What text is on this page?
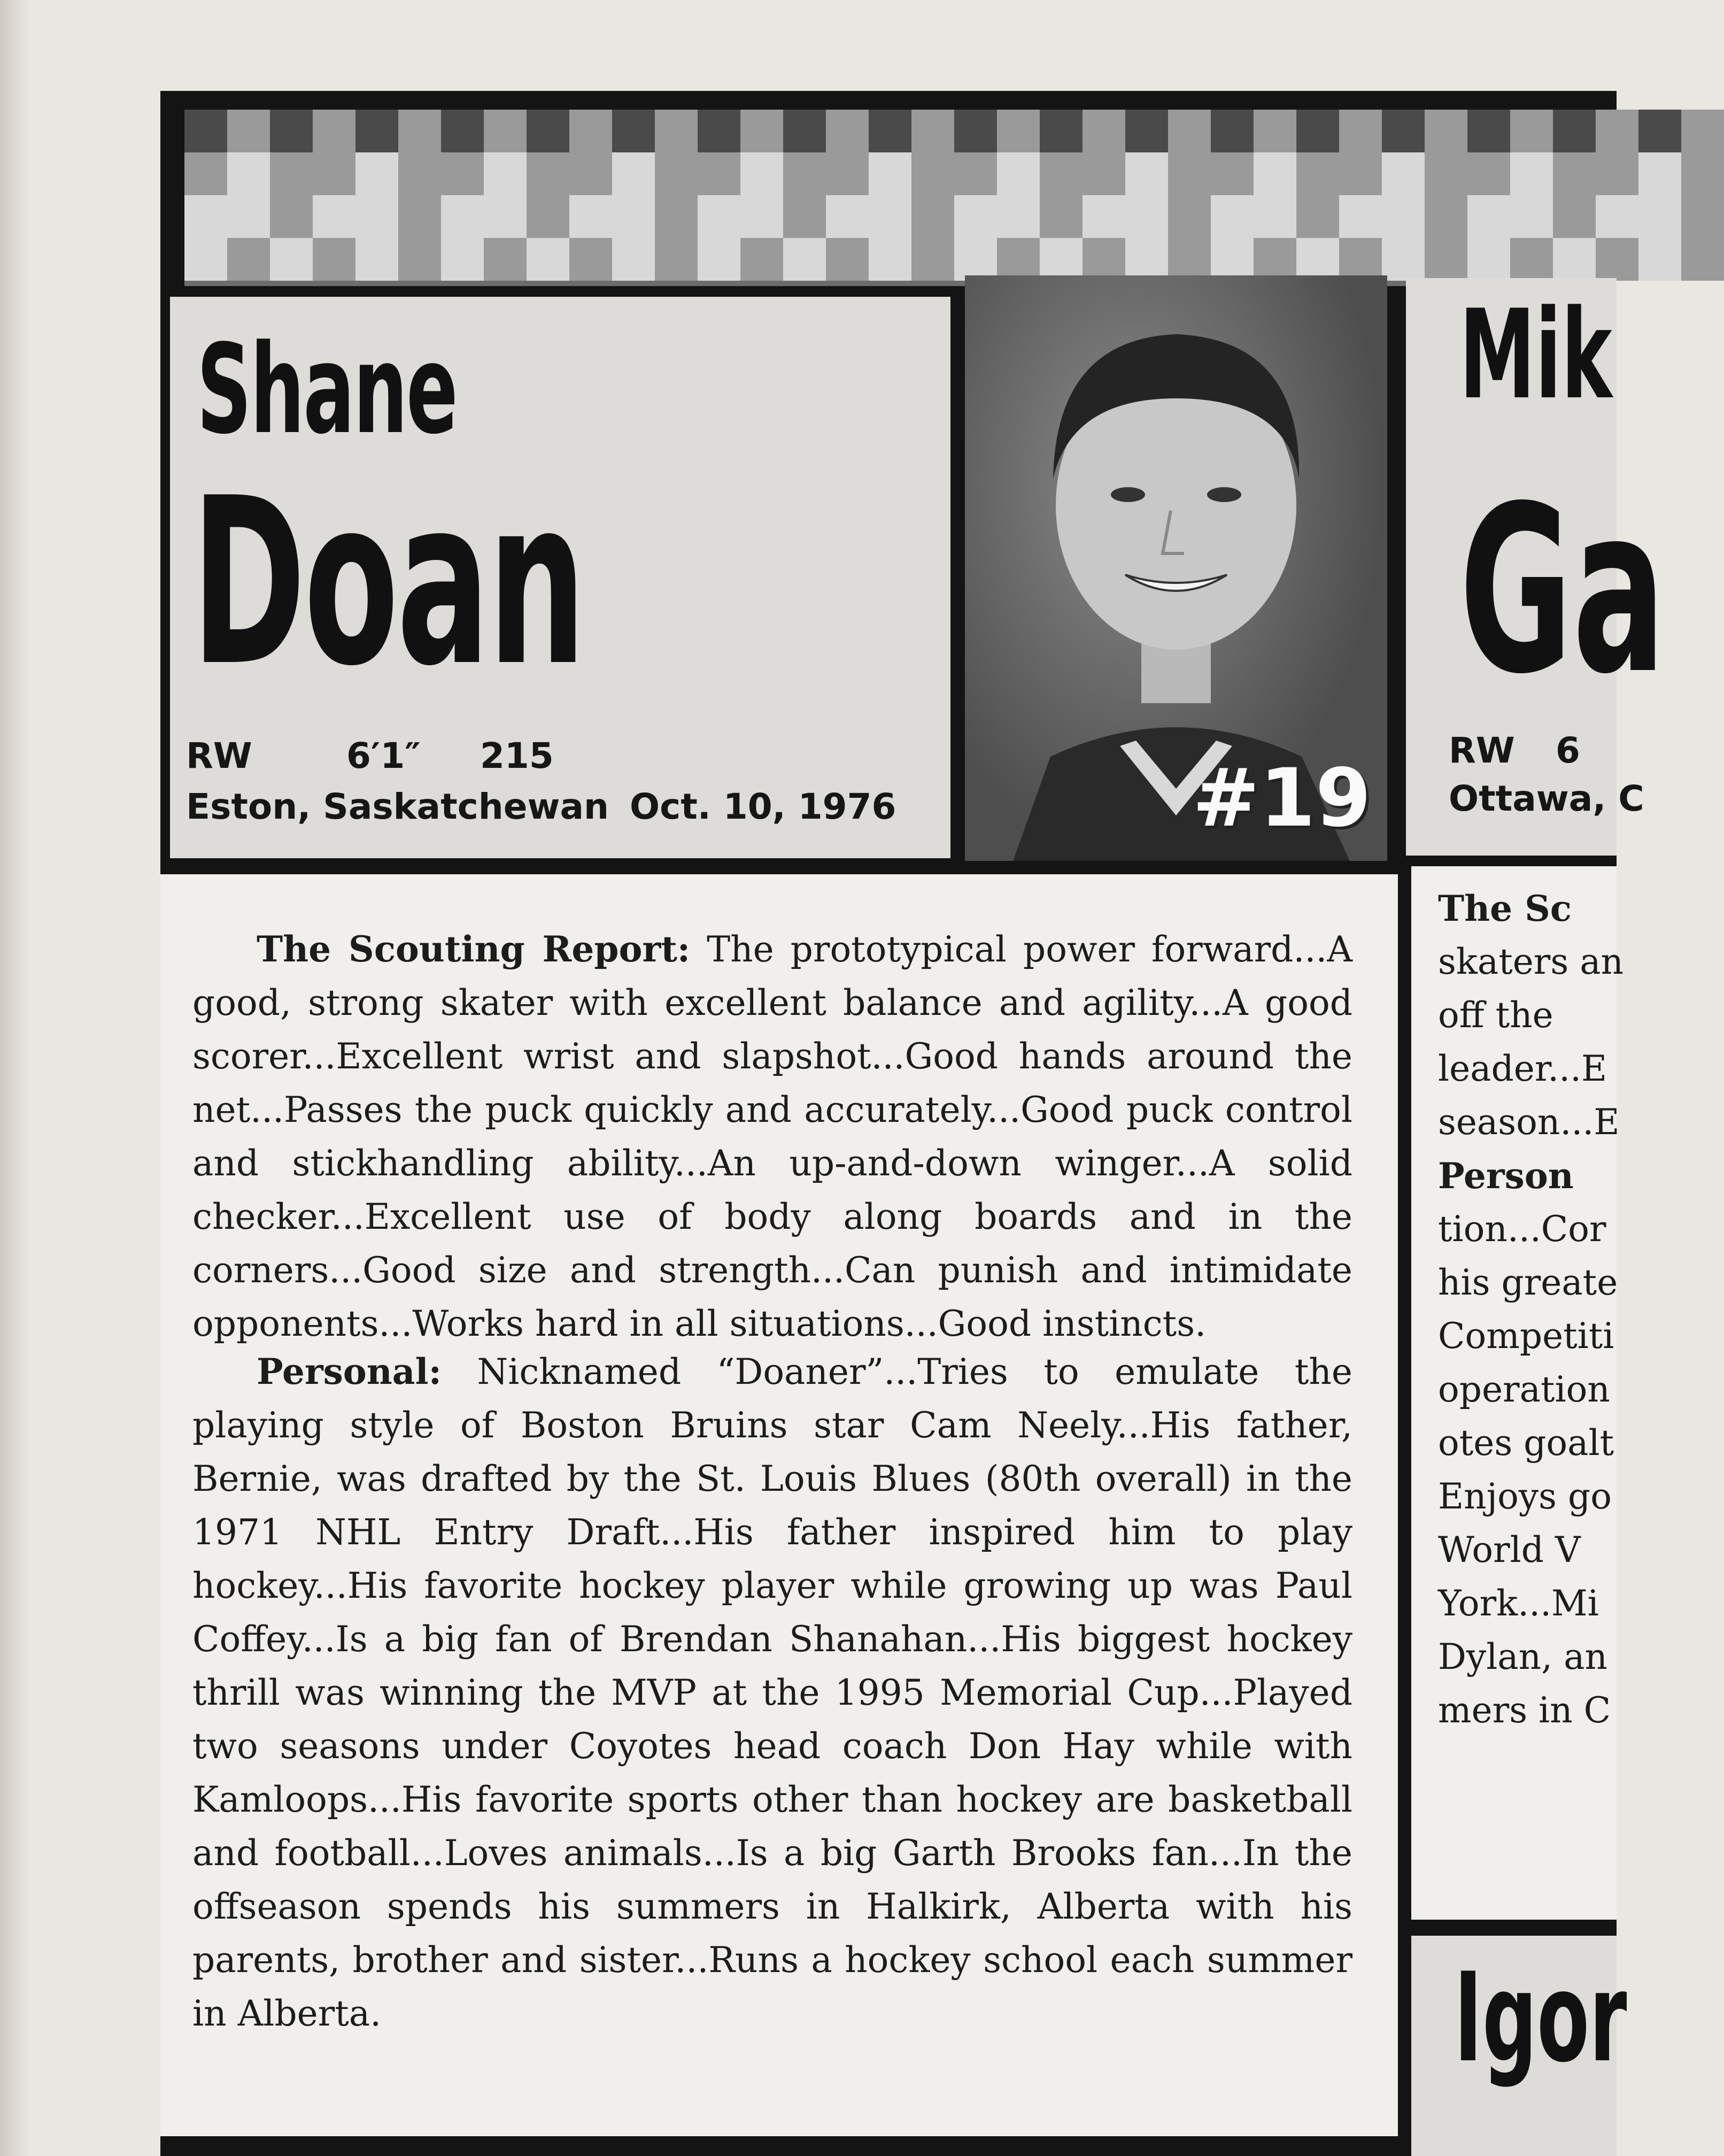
Shane
Doan
RW	6′1″ 215
Eston, Saskatchewan Oct. 10, 1976	#19
Mik
Ga
RW 6
Ottawa, C

The Scouting Report: The prototypical power forward...A good, strong skater with excellent balance and agility...A good scorer...Excellent wrist and slapshot...Good hands around the net...Passes the puck quickly and accurately...Good puck control and stickhandling ability...An up-and-down winger...A solid checker...Excellent use of body along boards and in the corners...Good size and strength...Can punish and intimidate opponents...Works hard in all situations...Good instincts.

Personal: Nicknamed “Doaner”...Tries to emulate the playing style of Boston Bruins star Cam Neely...His father, Bernie, was drafted by the St. Louis Blues (80th overall) in the 1971 NHL Entry Draft...His father inspired him to play hockey...His favorite hockey player while growing up was Paul Coffey...Is a big fan of Brendan Shanahan...His biggest hockey thrill was winning the MVP at the 1995 Memorial Cup...Played two seasons under Coyotes head coach Don Hay while with Kamloops...His favorite sports other than hockey are basketball and football...Loves animals...Is a big Garth Brooks fan...In the offseason spends his summers in Halkirk, Alberta with his parents, brother and sister...Runs a hockey school each summer in Alberta.

The Sc
skaters an
off the
leader...E
season...E
Person
tion...Cor
his greate
Competiti
operation
otes goalt
Enjoys go
World V
York...Mi
Dylan, an
mers in C
Igor
